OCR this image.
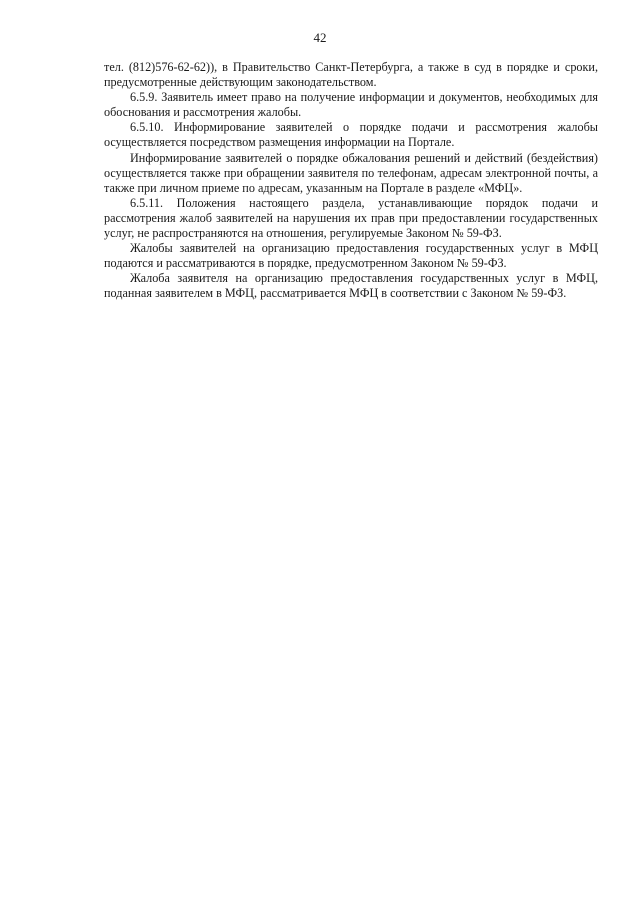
42

тел. (812)576-62-62)), в Правительство Санкт-Петербурга, а также в суд в порядке и сроки, предусмотренные действующим законодательством.

6.5.9. Заявитель имеет право на получение информации и документов, необходимых для обоснования и рассмотрения жалобы.

6.5.10. Информирование заявителей о порядке подачи и рассмотрения жалобы осуществляется посредством размещения информации на Портале.

Информирование заявителей о порядке обжалования решений и действий (бездействия) осуществляется также при обращении заявителя по телефонам, адресам электронной почты, а также при личном приеме по адресам, указанным на Портале в разделе «МФЦ».

6.5.11. Положения настоящего раздела, устанавливающие порядок подачи и рассмотрения жалоб заявителей на нарушения их прав при предоставлении государственных услуг, не распространяются на отношения, регулируемые Законом № 59-ФЗ.

Жалобы заявителей на организацию предоставления государственных услуг в МФЦ подаются и рассматриваются в порядке, предусмотренном Законом № 59-ФЗ.

Жалоба заявителя на организацию предоставления государственных услуг в МФЦ, поданная заявителем в МФЦ, рассматривается МФЦ в соответствии с Законом № 59-ФЗ.
